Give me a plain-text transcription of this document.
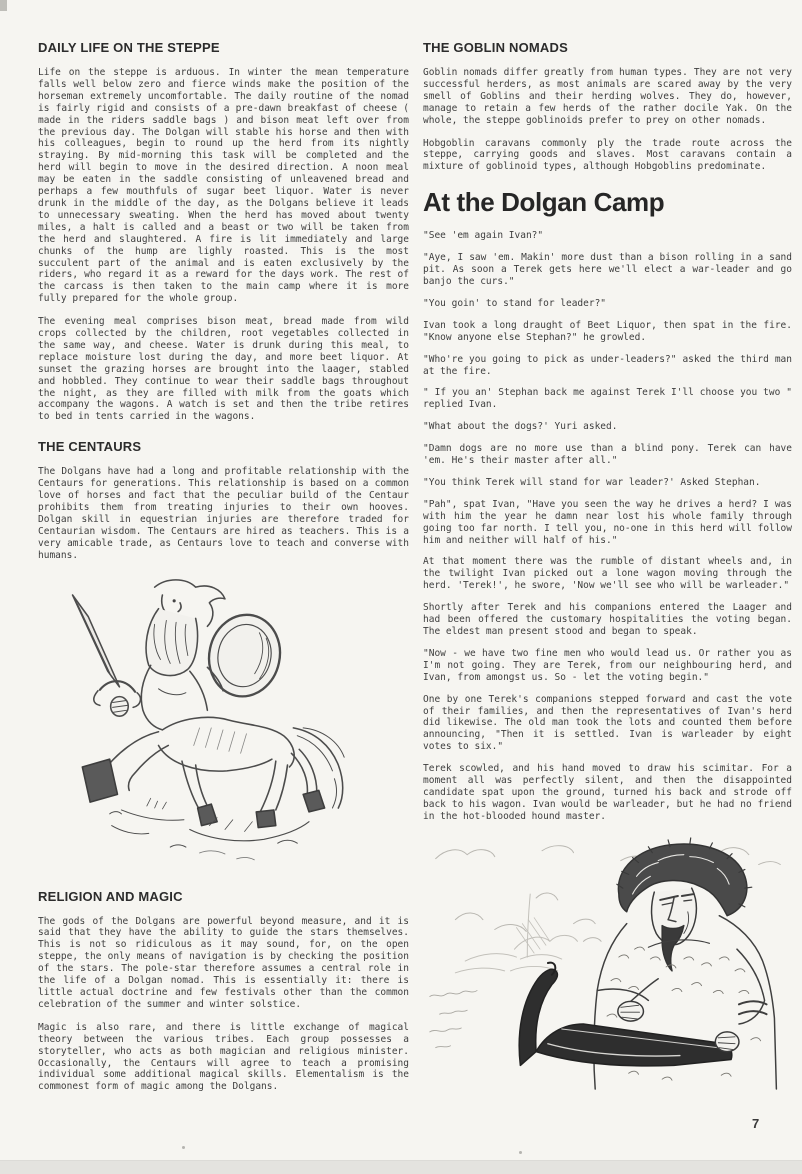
DAILY LIFE ON THE STEPPE

Life on the steppe is arduous. In winter the mean temperature falls well below zero and fierce winds make the position of the horseman extremely uncomfortable. The daily routine of the nomad is fairly rigid and consists of a pre-dawn breakfast of cheese ( made in the riders saddle bags ) and bison meat left over from the previous day. The Dolgan will stable his horse and then with his colleagues, begin to round up the herd from its nightly straying. By mid-morning this task will be completed and the herd will begin to move in the desired direction. A noon meal may be eaten in the saddle consisting of unleavened bread and perhaps a few mouthfuls of sugar beet liquor. Water is never drunk in the middle of the day, as the Dolgans believe it leads to unnecessary sweating. When the herd has moved about twenty miles, a halt is called and a beast or two will be taken from the herd and slaughtered. A fire is lit immediately and large chunks of the hump are lighly roasted. This is the most succulent part of the animal and is eaten exclusively by the riders, who regard it as a reward for the days work. The rest of the carcass is then taken to the main camp where it is more fully prepared for the whole group.

The evening meal comprises bison meat, bread made from wild crops collected by the children, root vegetables collected in the same way, and cheese. Water is drunk during this meal, to replace moisture lost during the day, and more beet liquor. At sunset the grazing horses are brought into the laager, stabled and hobbled. They continue to wear their saddle bags throughout the night, as they are filled with milk from the goats which accompany the wagons. A watch is set and then the tribe retires to bed in tents carried in the wagons.

THE CENTAURS

The Dolgans have had a long and profitable relationship with the Centaurs for generations. This relationship is based on a common love of horses and fact that the peculiar build of the Centaur prohibits them from treating injuries to their own hooves. Dolgan skill in equestrian injuries are therefore traded for Centaurian wisdom. The Centaurs are hired as teachers. This is a very amicable trade, as Centaurs love to teach and converse with humans.

RELIGION AND MAGIC

The gods of the Dolgans are powerful beyond measure, and it is said that they have the ability to guide the stars themselves. This is not so ridiculous as it may sound, for, on the open steppe, the only means of navigation is by checking the position of the stars. The pole-star therefore assumes a central role in the life of a Dolgan nomad. This is essentially it: there is little actual doctrine and few festivals other than the common celebration of the summer and winter solstice.

Magic is also rare, and there is little exchange of magical theory between the various tribes. Each group possesses a storyteller, who acts as both magician and religious minister. Occasionally, the Centaurs will agree to teach a promising individual some additional magical skills. Elementalism is the commonest form of magic among the Dolgans.

THE GOBLIN NOMADS

Goblin nomads differ greatly from human types. They are not very successful herders, as most animals are scared away by the very smell of Goblins and their herding wolves. They do, however, manage to retain a few herds of the rather docile Yak. On the whole, the steppe goblinoids prefer to prey on other nomads.

Hobgoblin caravans commonly ply the trade route across the steppe, carrying goods and slaves. Most caravans contain a mixture of goblinoid types, although Hobgoblins predominate.

At the Dolgan Camp

"See 'em again Ivan?"

"Aye, I saw 'em. Makin' more dust than a bison rolling in a sand pit. As soon a Terek gets here we'll elect a war-leader and go banjo the curs."

"You goin' to stand for leader?"

Ivan took a long draught of Beet Liquor, then spat in the fire. "Know anyone else Stephan?" he growled.

"Who're you going to pick as under-leaders?" asked the third man at the fire.

" If you an' Stephan back me against Terek I'll choose you two " replied Ivan.

"What about the dogs?' Yuri asked.

"Damn dogs are no more use than a blind pony. Terek can have 'em. He's their master after all."

"You think Terek will stand for war leader?' Asked Stephan.

"Pah", spat Ivan, "Have you seen the way he drives a herd? I was with him the year he damn near lost his whole family through going too far north. I tell you, no-one in this herd will follow him and neither will half of his."

At that moment there was the rumble of distant wheels and, in the twilight Ivan picked out a lone wagon moving through the herd. 'Terek!', he swore, 'Now we'll see who will be warleader."

Shortly after Terek and his companions entered the Laager and had been offered the customary hospitalities the voting began. The eldest man present stood and began to speak.

"Now - we have two fine men who would lead us. Or rather you as I'm not going. They are Terek, from our neighbouring herd, and Ivan, from amongst us. So - let the voting begin."

One by one Terek's companions stepped forward and cast the vote of their families, and then the representatives of Ivan's herd did likewise. The old man took the lots and counted them before announcing, "Then it is settled. Ivan is warleader by eight votes to six."

Terek scowled, and his hand moved to draw his scimitar. For a moment all was perfectly silent, and then the disappointed candidate spat upon the ground, turned his back and strode off back to his wagon. Ivan would be warleader, but he had no friend in the hot-blooded hound master.

7
